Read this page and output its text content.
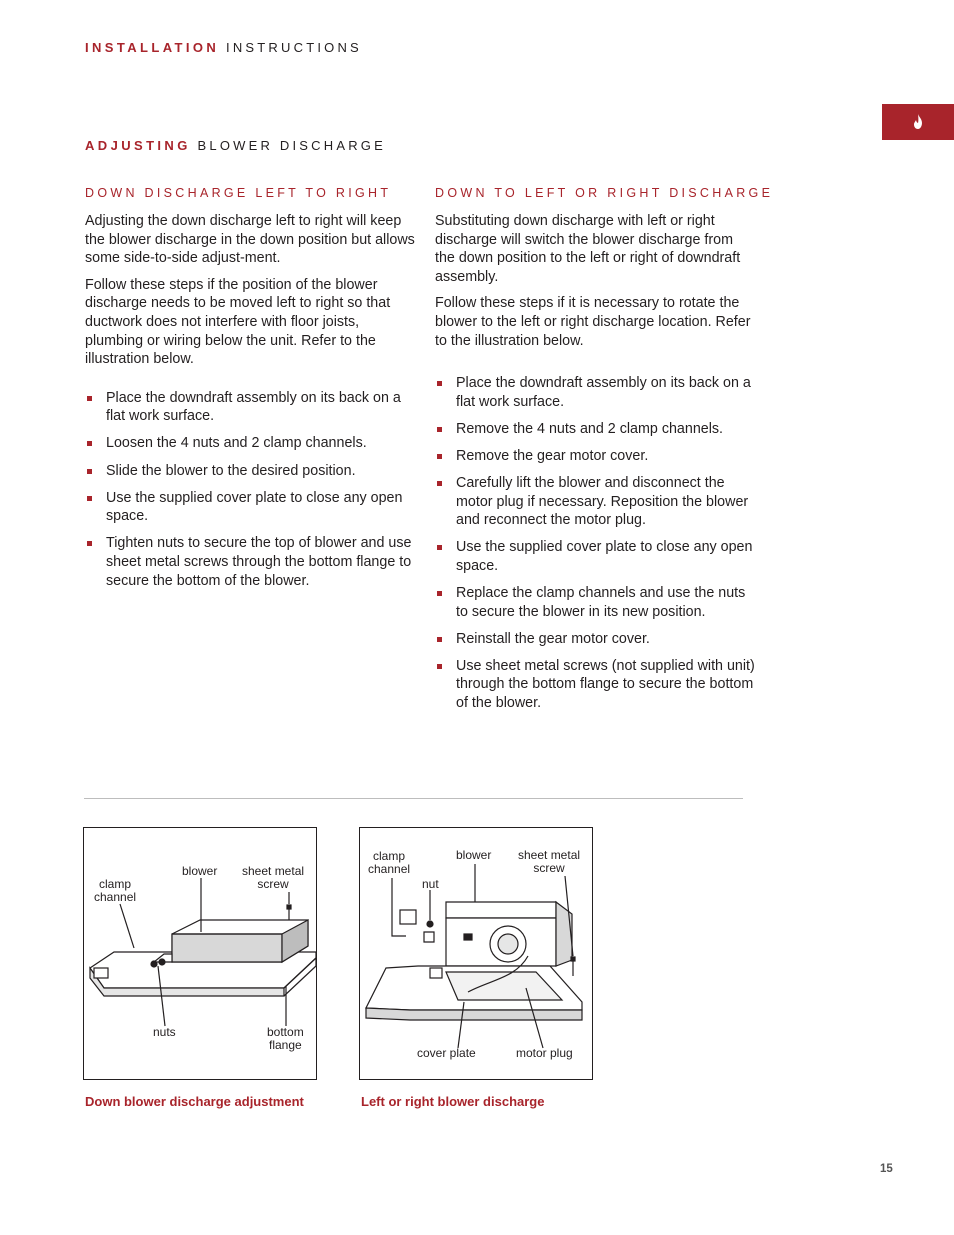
INSTALLATION INSTRUCTIONS
ADJUSTING BLOWER DISCHARGE
DOWN DISCHARGE LEFT TO RIGHT

Adjusting the down discharge left to right will keep the blower discharge in the down position but allows some side-to-side adjust-ment.

Follow these steps if the position of the blower discharge needs to be moved left to right so that ductwork does not interfere with floor joists, plumbing or wiring below the unit. Refer to the illustration below.

Place the downdraft assembly on its back on a flat work surface.
Loosen the 4 nuts and 2 clamp channels.
Slide the blower to the desired position.
Use the supplied cover plate to close any open space.
Tighten nuts to secure the top of blower and use sheet metal screws through the bottom flange to secure the bottom of the blower.
DOWN TO LEFT OR RIGHT DISCHARGE

Substituting down discharge with left or right discharge will switch the blower discharge from the down position to the left or right of downdraft assembly.

Follow these steps if it is necessary to rotate the blower to the left or right discharge location. Refer to the illustration below.

Place the downdraft assembly on its back on a flat work surface.
Remove the 4 nuts and 2 clamp channels.
Remove the gear motor cover.
Carefully lift the blower and disconnect the motor plug if necessary. Reposition the blower and reconnect the motor plug.
Use the supplied cover plate to close any open space.
Replace the clamp channels and use the nuts to secure the blower in its new position.
Reinstall the gear motor cover.
Use sheet metal screws (not supplied with unit) through the bottom flange to secure the bottom of the blower.
clamp
channel
blower sheet metal
screw
nuts	bottom
flange
Down blower discharge adjustment
clamp
channel
blower sheet metal
screw
nut
cover plate	motor plug
Left or right blower discharge
15
